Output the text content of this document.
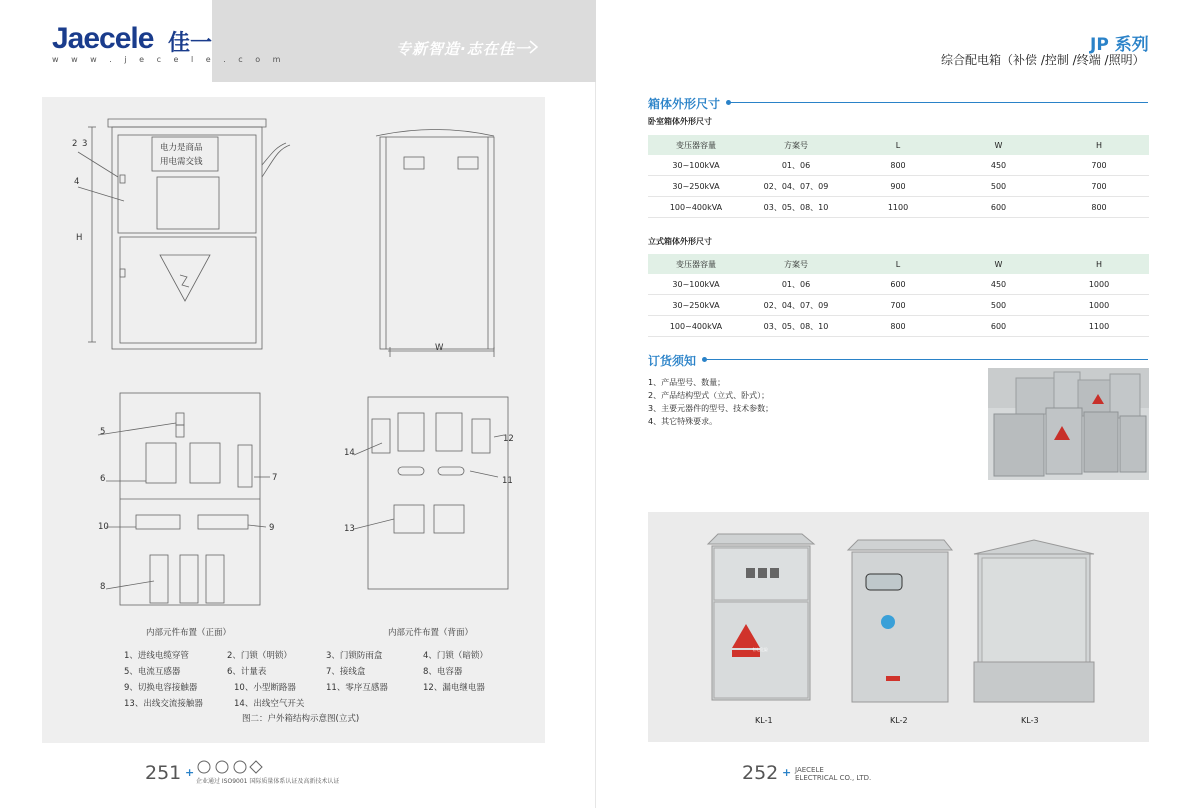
Jaecele 佳一
w w w . j e c e l e . c o m
专新智造·志在佳一	JP 系列
综合配电箱（补偿 /控制 /终端 /照明）
电力是商品
用电需交钱
H
W
2 3
4
5
6	7
8
9
10
11
12
13
14
内部元件布置（正面）	内部元件布置（背面）
1、进线电缆穿管	2、门锁（明锁）	3、门锁防雨盒	4、门锁（暗锁）
5、电流互感器	6、计量表	7、接线盒	8、电容器
9、切换电容接触器	10、小型断路器	11、零序互感器	12、漏电继电器
13、出线交流接触器	14、出线空气开关
图二：户外箱结构示意图(立式)
箱体外形尺寸
卧室箱体外形尺寸
变压器容量	方案号	L	W	H
30~100kVA	01、06	800	450	700
30~250kVA	02、04、07、09	900	500	700
100~400kVA	03、05、08、10	1100	600	800
立式箱体外形尺寸
变压器容量	方案号	L	W	H
30~100kVA	01、06	600	450	1000
30~250kVA	02、04、07、09	700	500	1000
100~400kVA	03、05、08、10	800	600	1100
订货须知
1、产品型号、数量；
2、产品结构型式（立式、卧式）；
3、主要元器件的型号、技术参数；
4、其它特殊要求。
有电危险
KL-1	KL-2	KL-3
251 +
企业通过 ISO9001 国际质量体系认证及高新技术认证	252 + JAECELE
ELECTRICAL CO., LTD.
